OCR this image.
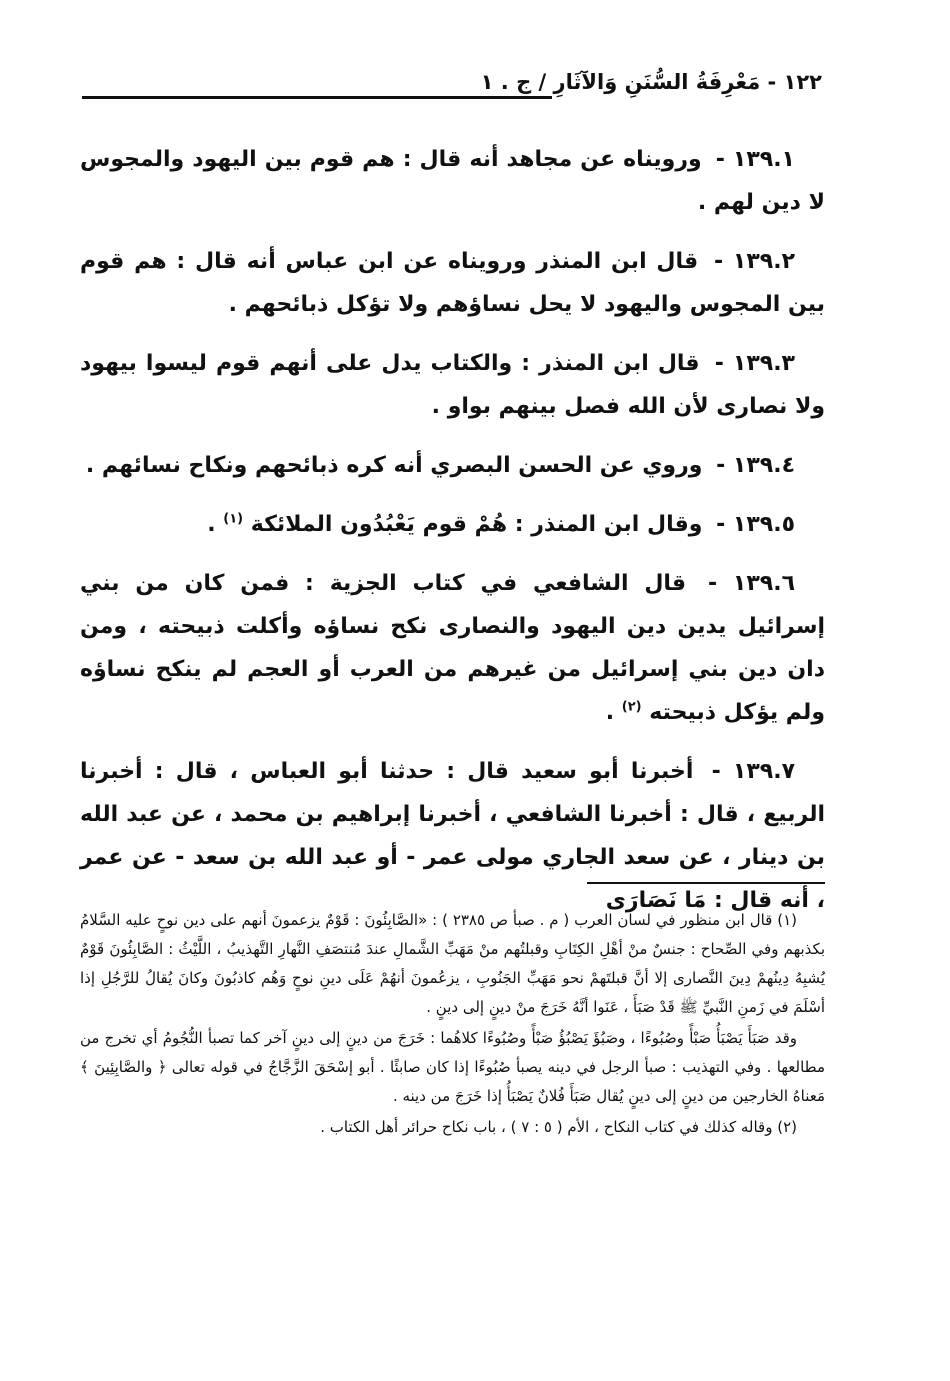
١٢٢ - مَعْرِفَةُ السُّنَنِ وَالآثَارِ / ج . ١

١٣٩.١ - ورويناه عن مجاهد أنه قال : هم قوم بين اليهود والمجوس لا دين لهم .

١٣٩.٢ - قال ابن المنذر ورويناه عن ابن عباس أنه قال : هم قوم بين المجوس واليهود لا يحل نساؤهم ولا تؤكل ذبائحهم .

١٣٩.٣ - قال ابن المنذر : والكتاب يدل على أنهم قوم ليسوا بيهود ولا نصارى لأن الله فصل بينهم بواو .

١٣٩.٤ - وروي عن الحسن البصري أنه كره ذبائحهم ونكاح نسائهم .

١٣٩.٥ - وقال ابن المنذر : هُمْ قوم يَعْبُدُون الملائكة $^{(١)}$ .

١٣٩.٦ - قال الشافعي في كتاب الجزية : فمن كان من بني إسرائيل يدين دين اليهود والنصارى نكح نساؤه وأكلت ذبيحته ، ومن دان دين بني إسرائيل من غيرهم من العرب أو العجم لم ينكح نساؤه ولم يؤكل ذبيحته $^{(٢)}$ .

١٣٩.٧ - أخبرنا أبو سعيد قال : حدثنا أبو العباس ، قال : أخبرنا الربيع ، قال : أخبرنا الشافعي ، أخبرنا إبراهيم بن محمد ، عن عبد الله بن دينار ، عن سعد الجاري مولى عمر - أو عبد الله بن سعد - عن عمر ، أنه قال : مَا نَصَارَى

(١) قال ابن منظور في لسان العرب ( م . صبأ ص ٢٣٨٥ ) : «الصَّابِئُونَ : قَوْمٌ يزعمونَ أنهم على دين نوحٍ عليه السَّلامُ بكذبهم وفي الصِّحاح : جنسٌ منْ أهْلِ الكِتَابِ وقبلتُهم منْ مَهَبِّ الشَّمالِ عندَ مُنتصَفِ النَّهارِ التَّهذيبُ ، اللَّيْثُ : الصَّابِئُونَ قَوْمٌ يُشبِهُ دِينُهمْ دِينَ النَّصارى إلا أنَّ قبلتَهمْ نحو مَهَبِّ الجَنُوبِ ، يزعُمونَ أنهُمْ عَلَى دينِ نوحٍ وَهُم كاذبُونَ وكانَ يُقالُ للرَّجُلِ إذا أسْلَمَ في زَمنِ النَّبيِّ ﷺ قَدْ صَبَأَ ، عَنَوا أنَّهُ خَرَجَ منْ دينٍ إلى دينٍ .

وقد صَبَأَ يَصْبَأُ صَبْأً وصُبُوءًا ، وصَبُؤَ يَصْبُؤُ صَبْأً وصُبُوءًا كلاهُما : خَرَجَ من دينٍ إلى دينٍ آخر كما تصبأ النُّجُومُ أي تخرج من مطالعها . وفي التهذيب : صبأ الرجل في دينه يصبأ صُبُوءًا إذا كان صابئًا . أبو إسْحَقَ الزَّجَّاجُ في قوله تعالى ﴿ والصَّابِئِينَ ﴾ مَعناهُ الخارجين من دينٍ إلى دينٍ يُقال صَبَأَ فُلانٌ يَصْبَأُ إذا خَرَجَ من دينه .

(٢) وقاله كذلك في كتاب النكاح ، الأم ( ٥ : ٧ ) ، باب نكاح حرائر أهل الكتاب .
